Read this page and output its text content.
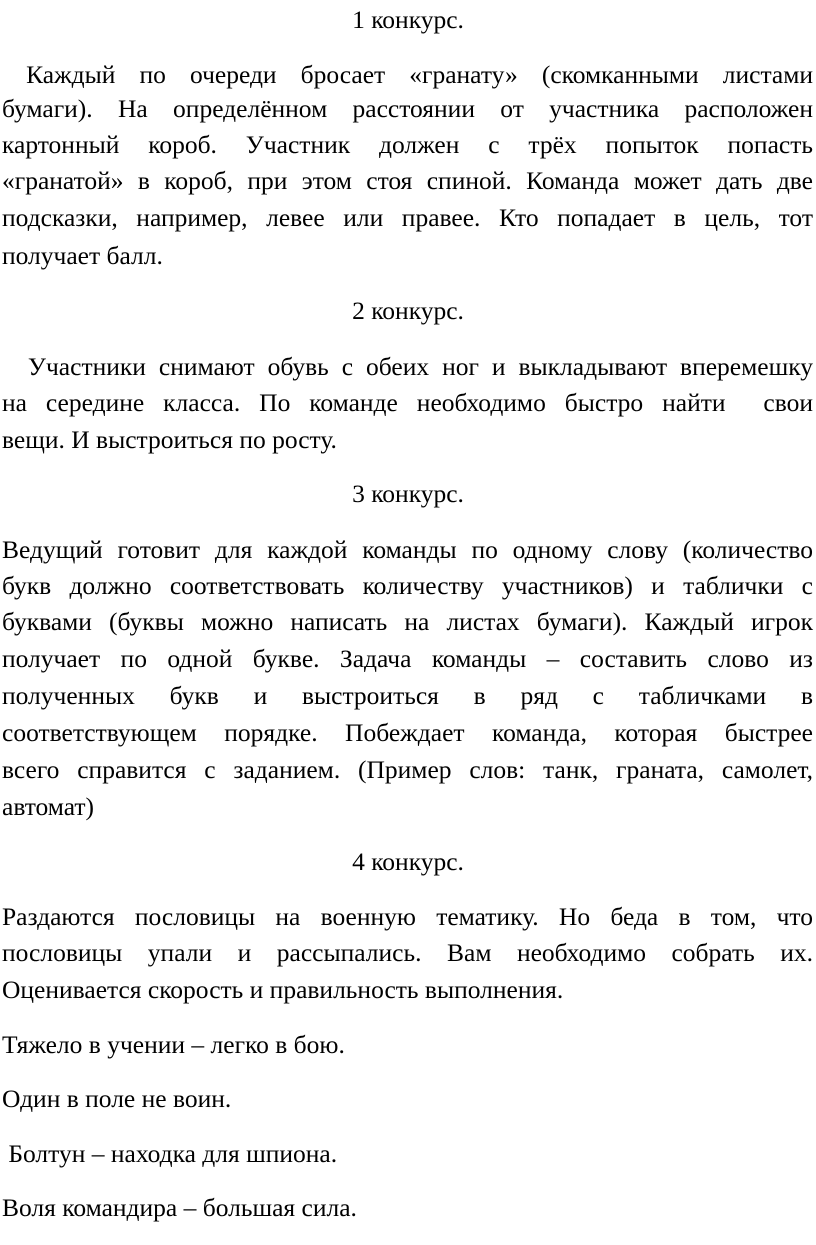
1 конкурс.
Каждый по очереди бросает «гранату» (скомканными листами
бумаги). На определённом расстоянии от участника расположен
картонный короб. Участник должен с трёх попыток попасть
«гранатой» в короб, при этом стоя спиной. Команда может дать две
подсказки, например, левее или правее. Кто попадает в цель, тот
получает балл.
2 конкурс.
Участники снимают обувь с обеих ног и выкладывают вперемешку
на середине класса. По команде необходимо быстро найти  свои
вещи. И выстроиться по росту.
3 конкурс.
Ведущий готовит для каждой команды по одному слову (количество
букв должно соответствовать количеству участников) и таблички с
буквами (буквы можно написать на листах бумаги). Каждый игрок
получает по одной букве. Задача команды – составить слово из
полученных букв и выстроиться в ряд с табличками в
соответствующем порядке. Побеждает команда, которая быстрее
всего справится с заданием. (Пример слов: танк, граната, самолет,
автомат)
4 конкурс.
Раздаются пословицы на военную тематику. Но беда в том, что
пословицы упали и рассыпались. Вам необходимо собрать их.
Оценивается скорость и правильность выполнения.
Тяжело в учении – легко в бою.
Один в поле не воин.
Болтун – находка для шпиона.
Воля командира – большая сила.
